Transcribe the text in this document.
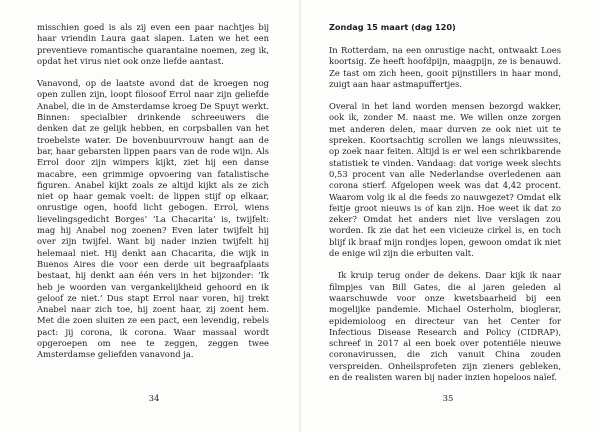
misschien goed is als zij even een paar nachtjes bij haar vriendin Laura gaat slapen. Laten we het een preventieve romantische quarantaine noemen, zeg ik, opdat het virus niet ook onze liefde aantast.

Vanavond, op de laatste avond dat de kroegen nog open zullen zijn, loopt filosoof Errol naar zijn geliefde Anabel, die in de Amsterdamse kroeg De Spuyt werkt. Binnen: specialbier drinkende schreeuwers die denken dat ze gelijk hebben, en corpsballen van het troebelste water. De bovenbuurvrouw hangt aan de bar, haar gebarsten lippen paars van de rode wijn. Als Errol door zijn wimpers kijkt, ziet hij een danse macabre, een grimmige opvoering van fatalistische figuren. Anabel kijkt zoals ze altijd kijkt als ze zich niet op haar gemak voelt: de lippen stijf op elkaar, onrustige ogen, hoofd licht gebogen. Errol, wiens lievelingsgedicht Borges’ ‘La Chacarita’ is, twijfelt: mag hij Anabel nog zoenen? Even later twijfelt hij over zijn twijfel. Want bij nader inzien twijfelt hij helemaal niet. Hij denkt aan Chacarita, die wijk in Buenos Aires die voor een derde uit begraafplaats bestaat, hij denkt aan één vers in het bijzonder: ‘Ik heb je woorden van vergankelijkheid gehoord en ik geloof ze niet.’ Dus stapt Errol naar voren, hij trekt Anabel naar zich toe, hij zoent haar, zij zoent hem. Met die zoen sluiten ze een pact, een levendig, rebels pact: jij corona, ik corona. Waar massaal wordt opgeroepen om nee te zeggen, zeggen twee Amsterdamse geliefden vanavond ja.

Zondag 15 maart (dag 120)

In Rotterdam, na een onrustige nacht, ontwaakt Loes koortsig. Ze heeft hoofdpijn, maagpijn, ze is benauwd. Ze tast om zich heen, gooit pijnstillers in haar mond, zuigt aan haar astmapuffertjes.

Overal in het land worden mensen bezorgd wakker, ook ik, zonder M. naast me. We willen onze zorgen met anderen delen, maar durven ze ook niet uit te spreken. Koortsachtig scrollen we langs nieuwssites, op zoek naar feiten. Altijd is er wel een schrikbarende statistiek te vinden. Vandaag: dat vorige week slechts 0,53 procent van alle Nederlandse overledenen aan corona stierf. Afgelopen week was dat 4,42 procent. Waarom volg ik al die feeds zo nauwgezet? Omdat elk feitje groot nieuws is of kan zijn. Hoe weet ik dat zo zeker? Omdat het anders niet live verslagen zou worden. Ik zie dat het een vicieuze cirkel is, en toch blijf ik braaf mijn rondjes lopen, gewoon omdat ik niet de enige wil zijn die erbuiten valt.

Ik kruip terug onder de dekens. Daar kijk ik naar filmpjes van Bill Gates, die al jaren geleden al waarschuwde voor onze kwetsbaarheid bij een mogelijke pandemie. Michael Osterholm, bioglerar, epidemioloog en directeur van het Center for Infectious Disease Research and Policy (CIDRAP), schreef in 2017 al een boek over potentiële nieuwe coronavirussen, die zich vanuit China zouden verspreiden. Onheilsprofeten zijn zieners gebleken, en de realisten waren bij nader inzien hopeloos naïef.

34	35
